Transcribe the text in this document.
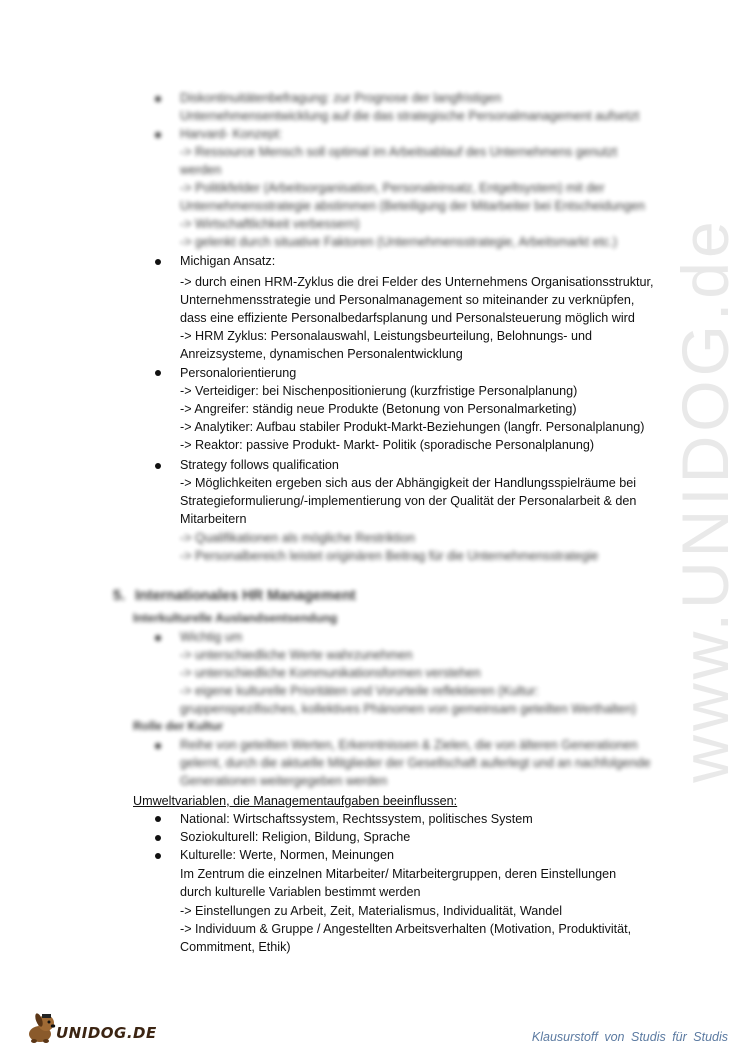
www.UNIDOG.de
Diskontinuitätenbefragung: zur Prognose der langfristigen
Unternehmensentwicklung auf die das strategische Personalmanagement aufsetzt
Harvard- Konzept:
-> Ressource Mensch soll optimal im Arbeitsablauf des Unternehmens genutzt
werden
-> Politikfelder (Arbeitsorganisation, Personaleinsatz, Entgeltsystem) mit der
Unternehmensstrategie abstimmen (Beteiligung der Mitarbeiter bei Entscheidungen
-> Wirtschaftlichkeit verbessern)
-> gelenkt durch situative Faktoren (Unternehmensstrategie, Arbeitsmarkt etc.)
Michigan Ansatz:
-> durch einen HRM-Zyklus die drei Felder des Unternehmens Organisationsstruktur,
Unternehmensstrategie und Personalmanagement so miteinander zu verknüpfen,
dass eine effiziente Personalbedarfsplanung und Personalsteuerung möglich wird
-> HRM Zyklus: Personalauswahl, Leistungsbeurteilung, Belohnungs- und
Anreizsysteme, dynamischen Personalentwicklung
Personalorientierung
-> Verteidiger: bei Nischenpositionierung (kurzfristige Personalplanung)
-> Angreifer: ständig neue Produkte (Betonung von Personalmarketing)
-> Analytiker: Aufbau stabiler Produkt-Markt-Beziehungen (langfr. Personalplanung)
-> Reaktor: passive Produkt- Markt- Politik (sporadische Personalplanung)
Strategy follows qualification
-> Möglichkeiten ergeben sich aus der Abhängigkeit der Handlungsspielräume bei
Strategieformulierung/-implementierung von der Qualität der Personalarbeit & den
Mitarbeitern
-> Qualifikationen als mögliche Restriktion
-> Personalbereich leistet originären Beitrag für die Unternehmensstrategie
5. Internationales HR Management
Interkulturelle Auslandsentsendung
Wichtig um
-> unterschiedliche Werte wahrzunehmen
-> unterschiedliche Kommunikationsformen verstehen
-> eigene kulturelle Prioritäten und Vorurteile reflektieren (Kultur:
gruppenspezifisches, kollektives Phänomen von gemeinsam geteilten Werthalten)
Rolle der Kultur
Reihe von geteilten Werten, Erkenntnissen & Zielen, die von älteren Generationen
gelernt, durch die aktuelle Mitglieder der Gesellschaft auferlegt und an nachfolgende
Generationen weitergegeben werden
Umweltvariablen, die Managementaufgaben beeinflussen:
National: Wirtschaftssystem, Rechtssystem, politisches System
Soziokulturell: Religion, Bildung, Sprache
Kulturelle: Werte, Normen, Meinungen
Im Zentrum die einzelnen Mitarbeiter/ Mitarbeitergruppen, deren Einstellungen
durch kulturelle Variablen bestimmt werden
-> Einstellungen zu Arbeit, Zeit, Materialismus, Individualität, Wandel
-> Individuum & Gruppe / Angestellten Arbeitsverhalten (Motivation, Produktivität,
Commitment, Ethik)
UNIDOG.DE	Klausurstoff von Studis für Studis
